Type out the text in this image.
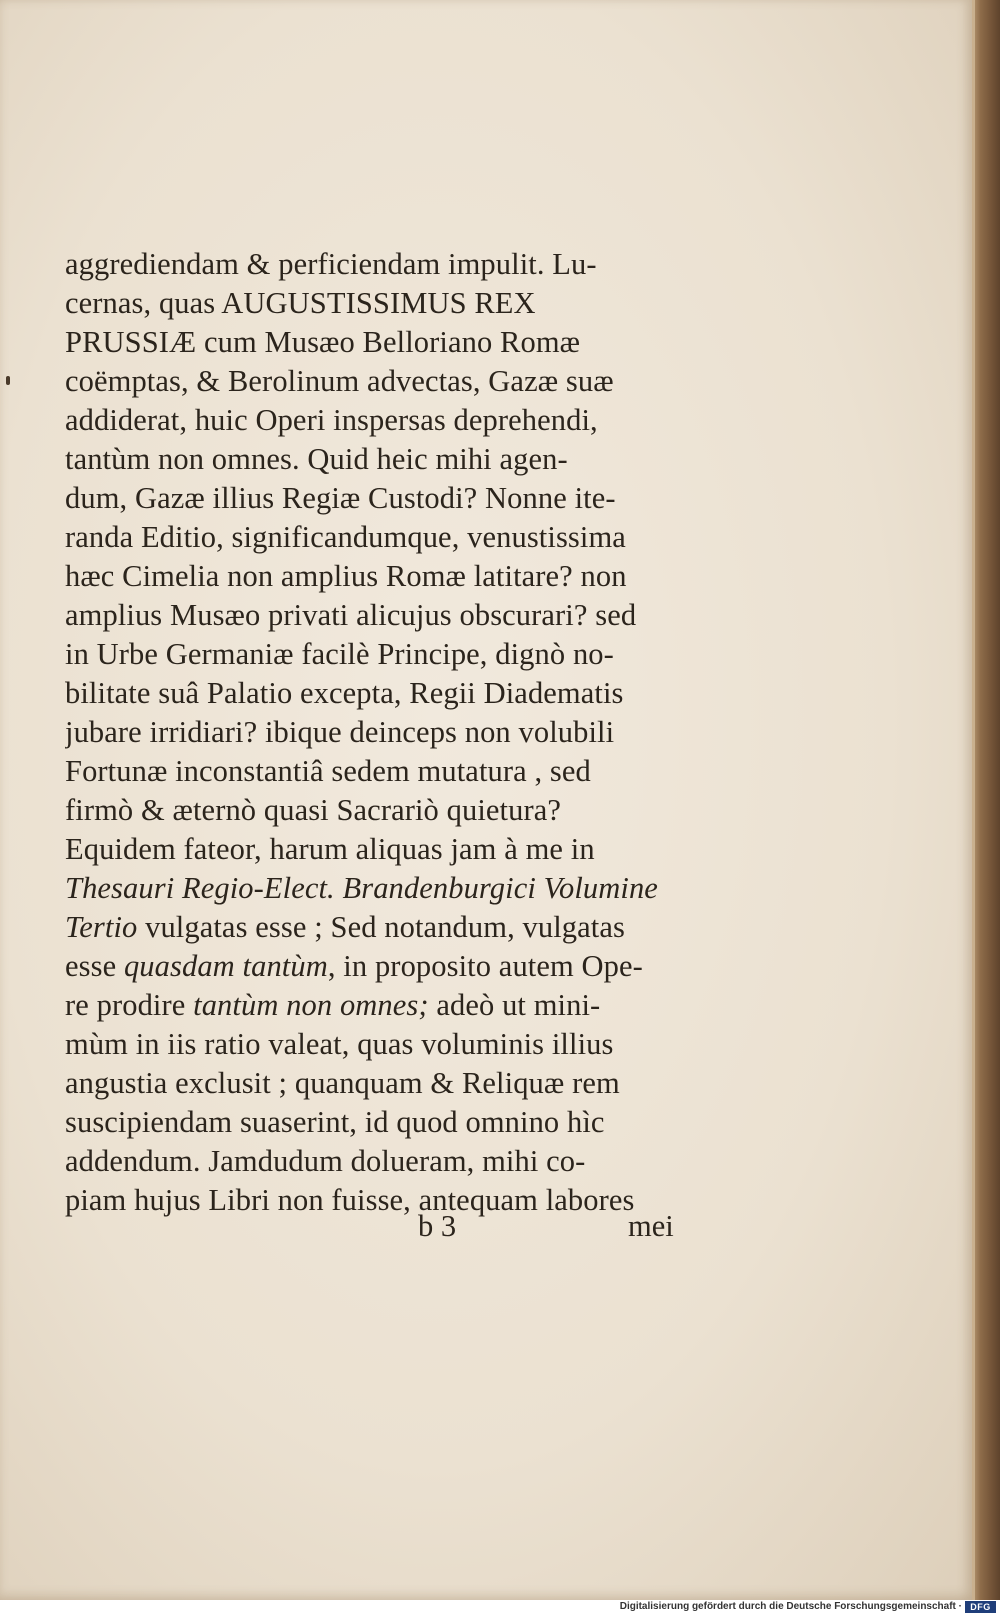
aggrediendam & perficiendam impulit. Lu-
cernas, quas AUGUSTISSIMUS REX
PRUSSIÆ cum Musæo Belloriano Romæ
coëmptas, & Berolinum advectas, Gazæ suæ
addiderat, huic Operi inspersas deprehendi,
tantùm non omnes. Quid heic mihi agen-
dum, Gazæ illius Regiæ Custodi? Nonne ite-
randa Editio, significandumque, venustissima
hæc Cimelia non amplius Romæ latitare? non
amplius Musæo privati alicujus obscurari? sed
in Urbe Germaniæ facilè Principe, dignò no-
bilitate suâ Palatio excepta, Regii Diadematis
jubare irridiari? ibique deinceps non volubili
Fortunæ inconstantiâ sedem mutatura , sed
firmò & æternò quasi Sacrariò quietura?
Equidem fateor, harum aliquas jam à me in
Thesauri Regio-Elect. Brandenburgici Volumine
Tertio vulgatas esse ; Sed notandum, vulgatas
esse quasdam tantùm, in proposito autem Ope-
re prodire tantùm non omnes; adeò ut mini-
mùm in iis ratio valeat, quas voluminis illius
angustia exclusit ; quanquam & Reliquæ rem
suscipiendam suaserint, id quod omnino hìc
addendum. Jamdudum dolueram, mihi co-
piam hujus Libri non fuisse, antequam labores
b 3	mei
Digitalisierung gefördert durch die Deutsche Forschungsgemeinschaft · DFG
